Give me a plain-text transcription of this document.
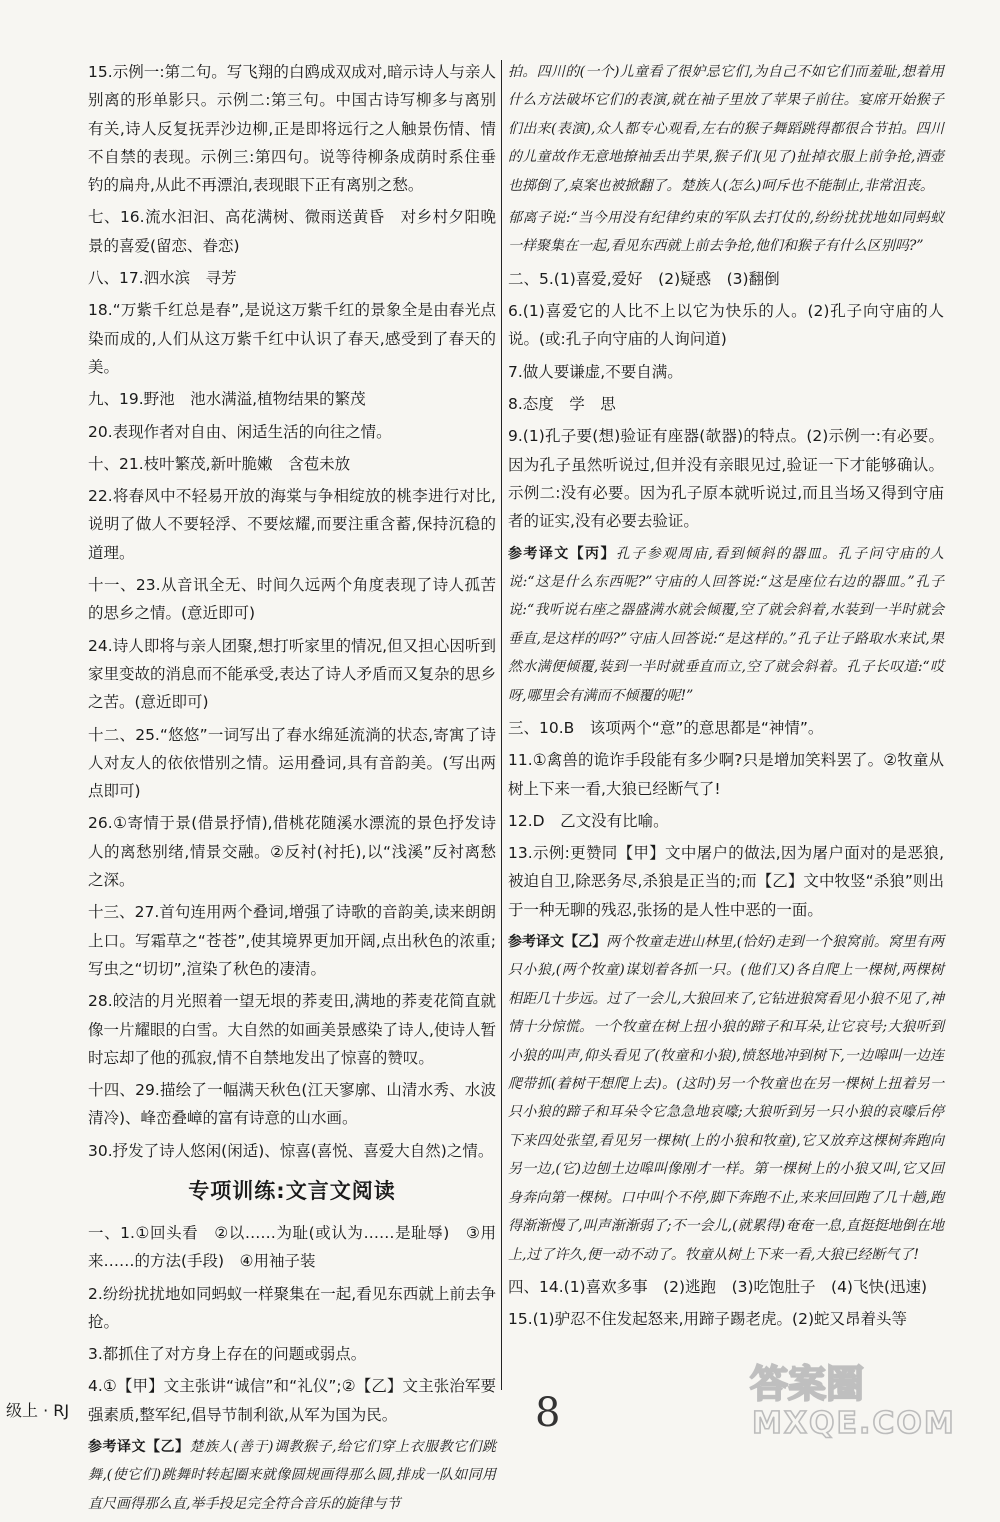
15.示例一:第二句。写飞翔的白鸥成双成对,暗示诗人与亲人别离的形单影只。示例二:第三句。中国古诗写柳多与离别有关,诗人反复抚弄沙边柳,正是即将远行之人触景伤情、情不自禁的表现。示例三:第四句。说等待柳条成荫时系住垂钓的扁舟,从此不再漂泊,表现眼下正有离别之愁。
七、16.流水汩汩、高花满树、微雨送黄昏　对乡村夕阳晚景的喜爱(留恋、眷恋)
八、17.泗水滨　寻芳
18.“万紫千红总是春”,是说这万紫千红的景象全是由春光点染而成的,人们从这万紫千红中认识了春天,感受到了春天的美。
九、19.野池　池水满溢,植物结果的繁茂
20.表现作者对自由、闲适生活的向往之情。
十、21.枝叶繁茂,新叶脆嫩　含苞未放
22.将春风中不轻易开放的海棠与争相绽放的桃李进行对比,说明了做人不要轻浮、不要炫耀,而要注重含蓄,保持沉稳的道理。
十一、23.从音讯全无、时间久远两个角度表现了诗人孤苦的思乡之情。(意近即可)
24.诗人即将与亲人团聚,想打听家里的情况,但又担心因听到家里变故的消息而不能承受,表达了诗人矛盾而又复杂的思乡之苦。(意近即可)
十二、25.“悠悠”一词写出了春水绵延流淌的状态,寄寓了诗人对友人的依依惜别之情。运用叠词,具有音韵美。(写出两点即可)
26.①寄情于景(借景抒情),借桃花随溪水漂流的景色抒发诗人的离愁别绪,情景交融。②反衬(衬托),以“浅溪”反衬离愁之深。
十三、27.首句连用两个叠词,增强了诗歌的音韵美,读来朗朗上口。写霜草之“苍苍”,使其境界更加开阔,点出秋色的浓重;写虫之“切切”,渲染了秋色的凄清。
28.皎洁的月光照着一望无垠的荞麦田,满地的荞麦花简直就像一片耀眼的白雪。大自然的如画美景感染了诗人,使诗人暂时忘却了他的孤寂,情不自禁地发出了惊喜的赞叹。
十四、29.描绘了一幅满天秋色(江天寥廓、山清水秀、水波清冷)、峰峦叠嶂的富有诗意的山水画。
30.抒发了诗人悠闲(闲适)、惊喜(喜悦、喜爱大自然)之情。
专项训练:文言文阅读
一、1.①回头看　②以……为耻(或认为……是耻辱)　③用来……的方法(手段)　④用袖子装
2.纷纷扰扰地如同蚂蚁一样聚集在一起,看见东西就上前去争抢。
3.都抓住了对方身上存在的问题或弱点。
4.①【甲】文主张讲“诚信”和“礼仪”;②【乙】文主张治军要强素质,整军纪,倡导节制利欲,从军为国为民。
参考译文【乙】楚族人(善于)调教猴子,给它们穿上衣服教它们跳舞,(使它们)跳舞时转起圈来就像圆规画得那么圆,排成一队如同用直尺画得那么直,举手投足完全符合音乐的旋律与节
拍。四川的(一个)儿童看了很妒忌它们,为自己不如它们而羞耻,想着用什么方法破坏它们的表演,就在袖子里放了苹果子前往。宴席开始猴子们出来(表演),众人都专心观看,左右的猴子舞蹈跳得都很合节拍。四川的儿童故作无意地撩袖丢出芋果,猴子们(见了)扯掉衣服上前争抢,酒壶也掷倒了,桌案也被掀翻了。楚族人(怎么)呵斥也不能制止,非常沮丧。
郁离子说:“当今用没有纪律约束的军队去打仗的,纷纷扰扰地如同蚂蚁一样聚集在一起,看见东西就上前去争抢,他们和猴子有什么区别吗?”
二、5.(1)喜爱,爱好　(2)疑惑　(3)翻倒
6.(1)喜爱它的人比不上以它为快乐的人。(2)孔子向守庙的人说。(或:孔子向守庙的人询问道)
7.做人要谦虚,不要自满。
8.态度　学　思
9.(1)孔子要(想)验证有座器(欹器)的特点。(2)示例一:有必要。因为孔子虽然听说过,但并没有亲眼见过,验证一下才能够确认。示例二:没有必要。因为孔子原本就听说过,而且当场又得到守庙者的证实,没有必要去验证。
参考译文【丙】孔子参观周庙,看到倾斜的器皿。孔子问守庙的人说:“这是什么东西呢?”守庙的人回答说:“这是座位右边的器皿。”孔子说:“我听说右座之器盛满水就会倾覆,空了就会斜着,水装到一半时就会垂直,是这样的吗?”守庙人回答说:“是这样的。”孔子让子路取水来试,果然水满便倾覆,装到一半时就垂直而立,空了就会斜着。孔子长叹道:“哎呀,哪里会有满而不倾覆的呢!”
三、10.B　该项两个“意”的意思都是“神情”。
11.①禽兽的诡诈手段能有多少啊?只是增加笑料罢了。②牧童从树上下来一看,大狼已经断气了!
12.D　乙文没有比喻。
13.示例:更赞同【甲】文中屠户的做法,因为屠户面对的是恶狼,被迫自卫,除恶务尽,杀狼是正当的;而【乙】文中牧竖“杀狼”则出于一种无聊的残忍,张扬的是人性中恶的一面。
参考译文【乙】两个牧童走进山林里,(恰好)走到一个狼窝前。窝里有两只小狼,(两个牧童)谋划着各抓一只。(他们又)各自爬上一棵树,两棵树相距几十步远。过了一会儿,大狼回来了,它钻进狼窝看见小狼不见了,神情十分惊慌。一个牧童在树上扭小狼的蹄子和耳朵,让它哀号;大狼听到小狼的叫声,仰头看见了(牧童和小狼),愤怒地冲到树下,一边嗥叫一边连爬带抓(着树干想爬上去)。(这时)另一个牧童也在另一棵树上扭着另一只小狼的蹄子和耳朵令它急急地哀嚎;大狼听到另一只小狼的哀嚎后停下来四处张望,看见另一棵树(上的小狼和牧童),它又放弃这棵树奔跑向另一边,(它)边刨土边嗥叫像刚才一样。第一棵树上的小狼又叫,它又回身奔向第一棵树。口中叫个不停,脚下奔跑不止,来来回回跑了几十趟,跑得渐渐慢了,叫声渐渐弱了;不一会儿,(就累得)奄奄一息,直挺挺地倒在地上,过了许久,便一动不动了。牧童从树上下来一看,大狼已经断气了!
四、14.(1)喜欢多事　(2)逃跑　(3)吃饱肚子　(4)飞快(迅速)
15.(1)驴忍不住发起怒来,用蹄子踢老虎。(2)蛇又昂着头等
级上 · RJ	8
答案圈
MXQE.COM
